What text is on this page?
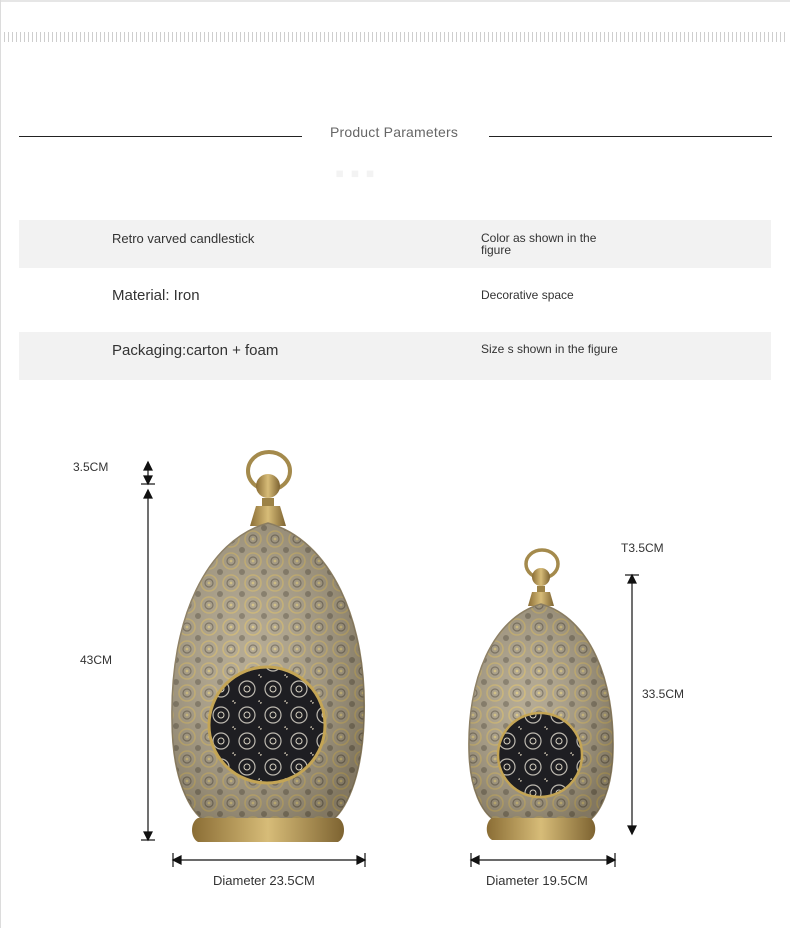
Product Parameters
▪▪▪
Retro varved candlestick	Color as shown in the figure
Material: Iron	Decorative space
Packaging:carton + foam	Size s shown in the figure
3.5CM
43CM
Diameter 23.5CM
T3.5CM
33.5CM
Diameter 19.5CM
